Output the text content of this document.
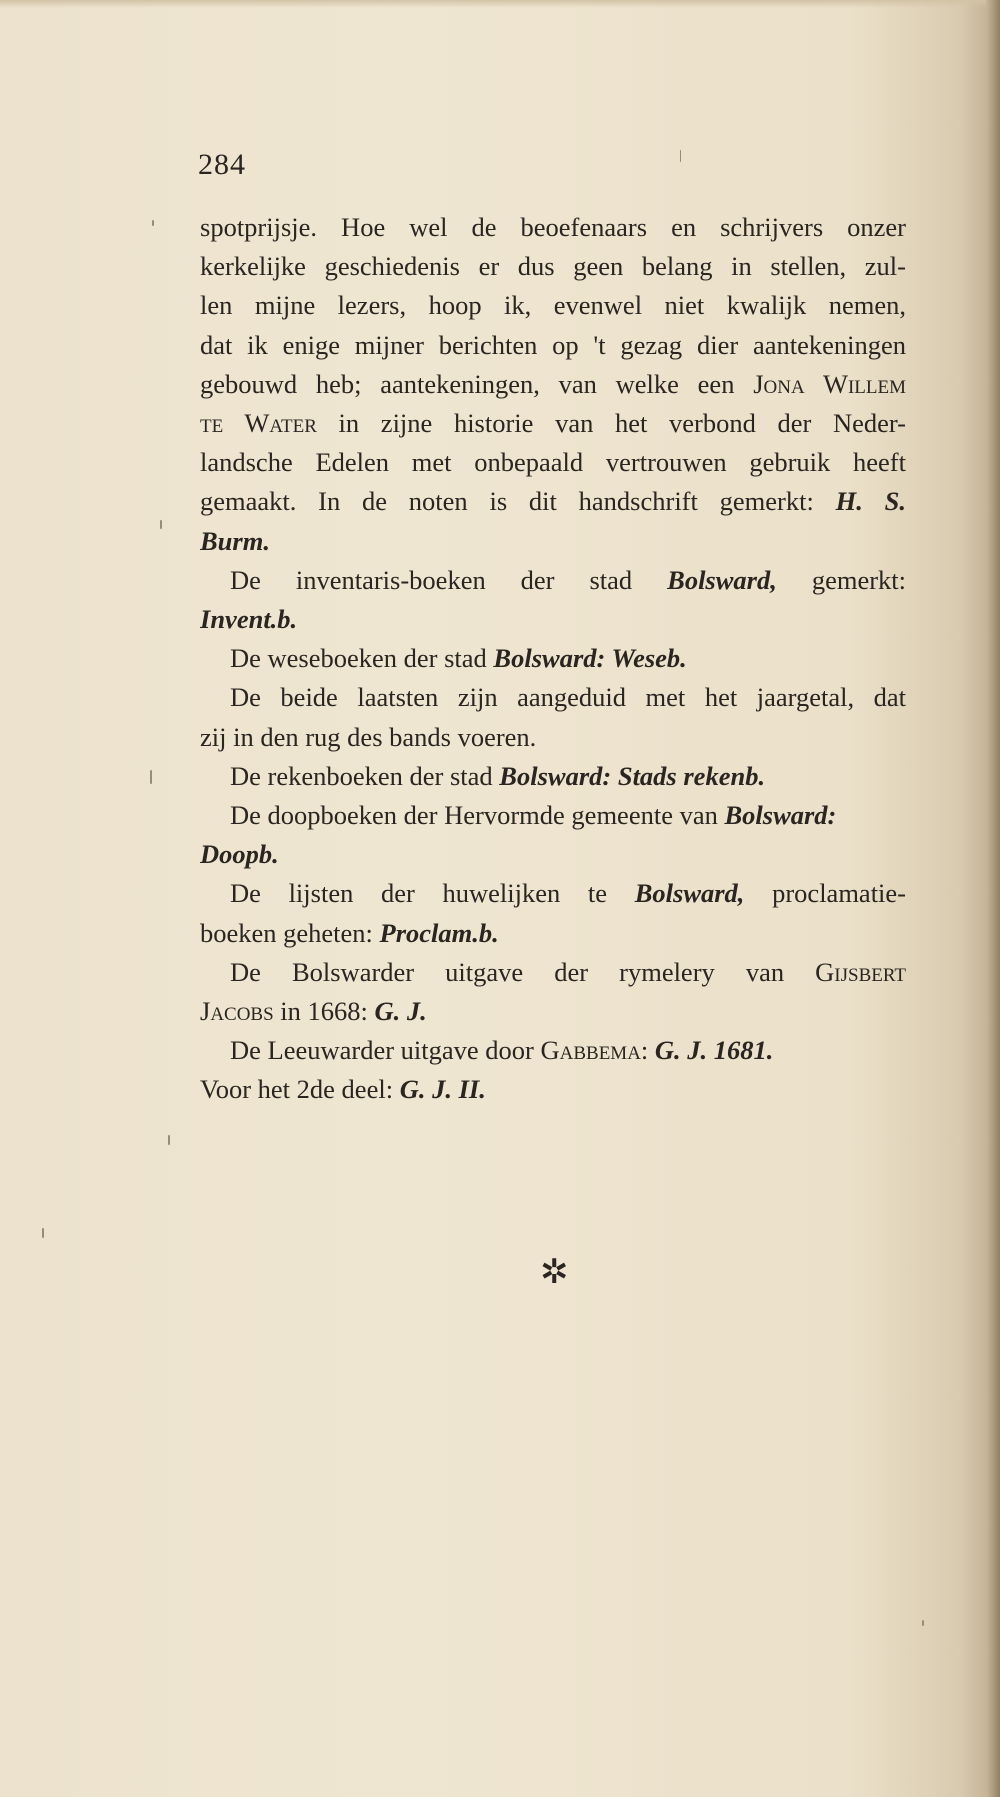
284
spotprijsje. Hoe wel de beoefenaars en schrijvers onzer
kerkelijke geschiedenis er dus geen belang in stellen, zul-
len mijne lezers, hoop ik, evenwel niet kwalijk nemen,
dat ik enige mijner berichten op 't gezag dier aantekeningen
gebouwd heb; aantekeningen, van welke een Jona Willem
te Water in zijne historie van het verbond der Neder-
landsche Edelen met onbepaald vertrouwen gebruik heeft
gemaakt. In de noten is dit handschrift gemerkt: H. S.
Burm.
De inventaris-boeken der stad Bolsward, gemerkt:
Invent.b.
De weseboeken der stad Bolsward: Weseb.
De beide laatsten zijn aangeduid met het jaargetal, dat
zij in den rug des bands voeren.
De rekenboeken der stad Bolsward: Stads rekenb.
De doopboeken der Hervormde gemeente van Bolsward:
Doopb.
De lijsten der huwelijken te Bolsward, proclamatie-
boeken geheten: Proclam.b.
De Bolswarder uitgave der rymelery van Gijsbert
Jacobs in 1668: G. J.
De Leeuwarder uitgave door Gabbema: G. J. 1681.
Voor het 2de deel: G. J. II.
✲
